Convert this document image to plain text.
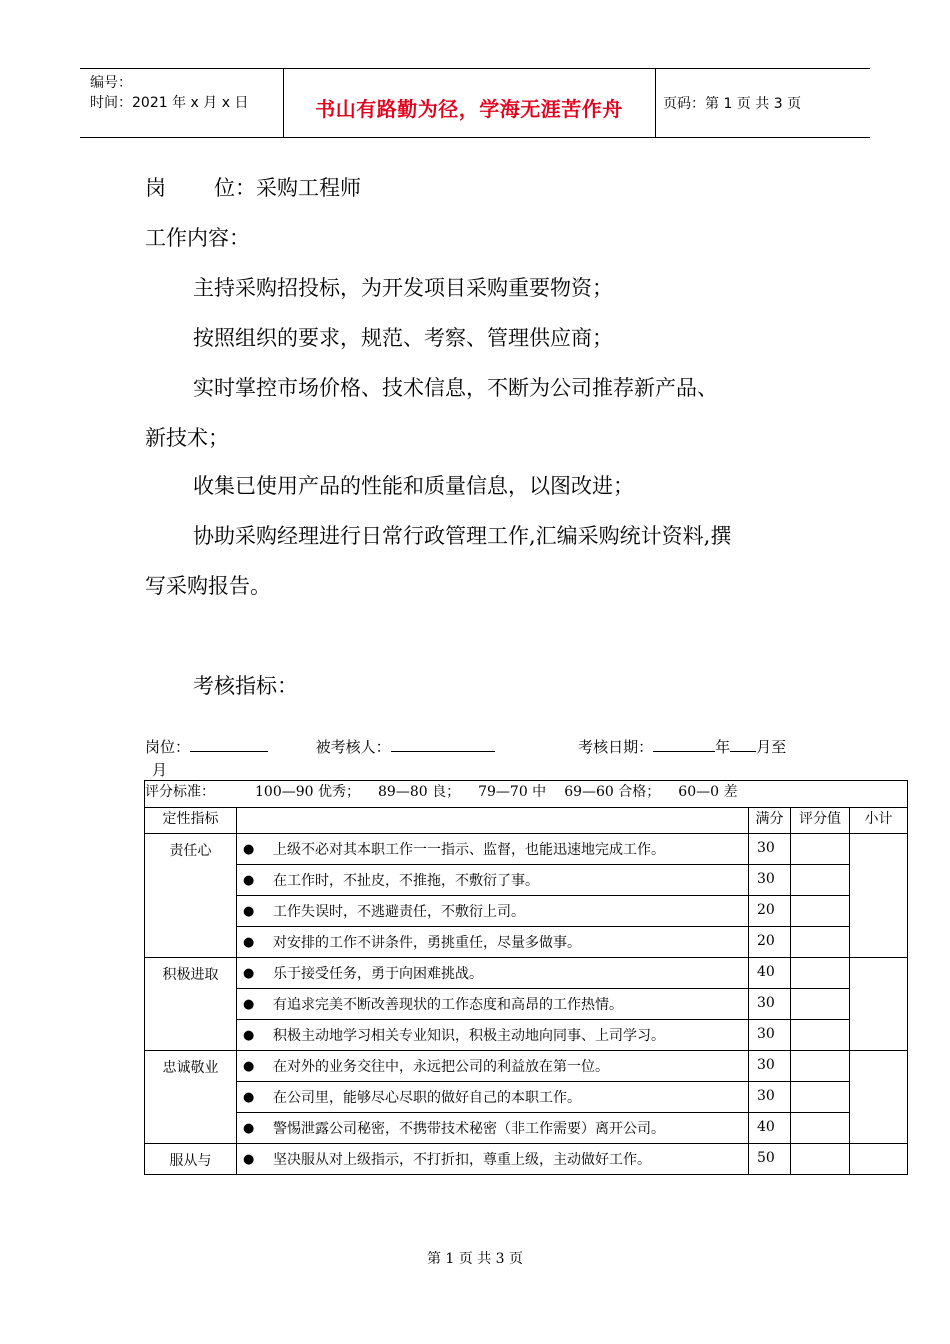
编号：
时间：2021 年 x 月 x 日	书山有路勤为径，学海无涯苦作舟	页码：第 1 页 共 3 页
岗 位：采购工程师
工作内容：
主持采购招投标，为开发项目采购重要物资；
按照组织的要求，规范、考察、管理供应商；
实时掌控市场价格、技术信息，不断为公司推荐新产品、
新技术；
收集已使用产品的性能和质量信息，以图改进；
协助采购经理进行日常行政管理工作,汇编采购统计资料,撰
写采购报告。
考核指标：
岗位：	被考核人：	考核日期：	年 月至
月
评分标准： 100—90 优秀； 89—80 良； 79—70 中 69—60 合格； 60—0 差				
定性指标		满分	评分值	小计
责任心	● 上级不必对其本职工作一一指示、监督，也能迅速地完成工作。	30		

	● 在工作时，不扯皮，不推拖，不敷衍了事。	30		

	● 工作失误时，不逃避责任，不敷衍上司。	20		

	● 对安排的工作不讲条件，勇挑重任，尽量多做事。	20		
积极进取	● 乐于接受任务，勇于向困难挑战。	40		

	● 有追求完美不断改善现状的工作态度和高昂的工作热情。	30		

	● 积极主动地学习相关专业知识，积极主动地向同事、上司学习。	30		
忠诚敬业	● 在对外的业务交往中，永远把公司的利益放在第一位。	30		

	● 在公司里，能够尽心尽职的做好自己的本职工作。	30		

	● 警惕泄露公司秘密，不携带技术秘密（非工作需要）离开公司。	40		
服从与	● 坚决服从对上级指示，不打折扣，尊重上级，主动做好工作。	50		
第 1 页 共 3 页
